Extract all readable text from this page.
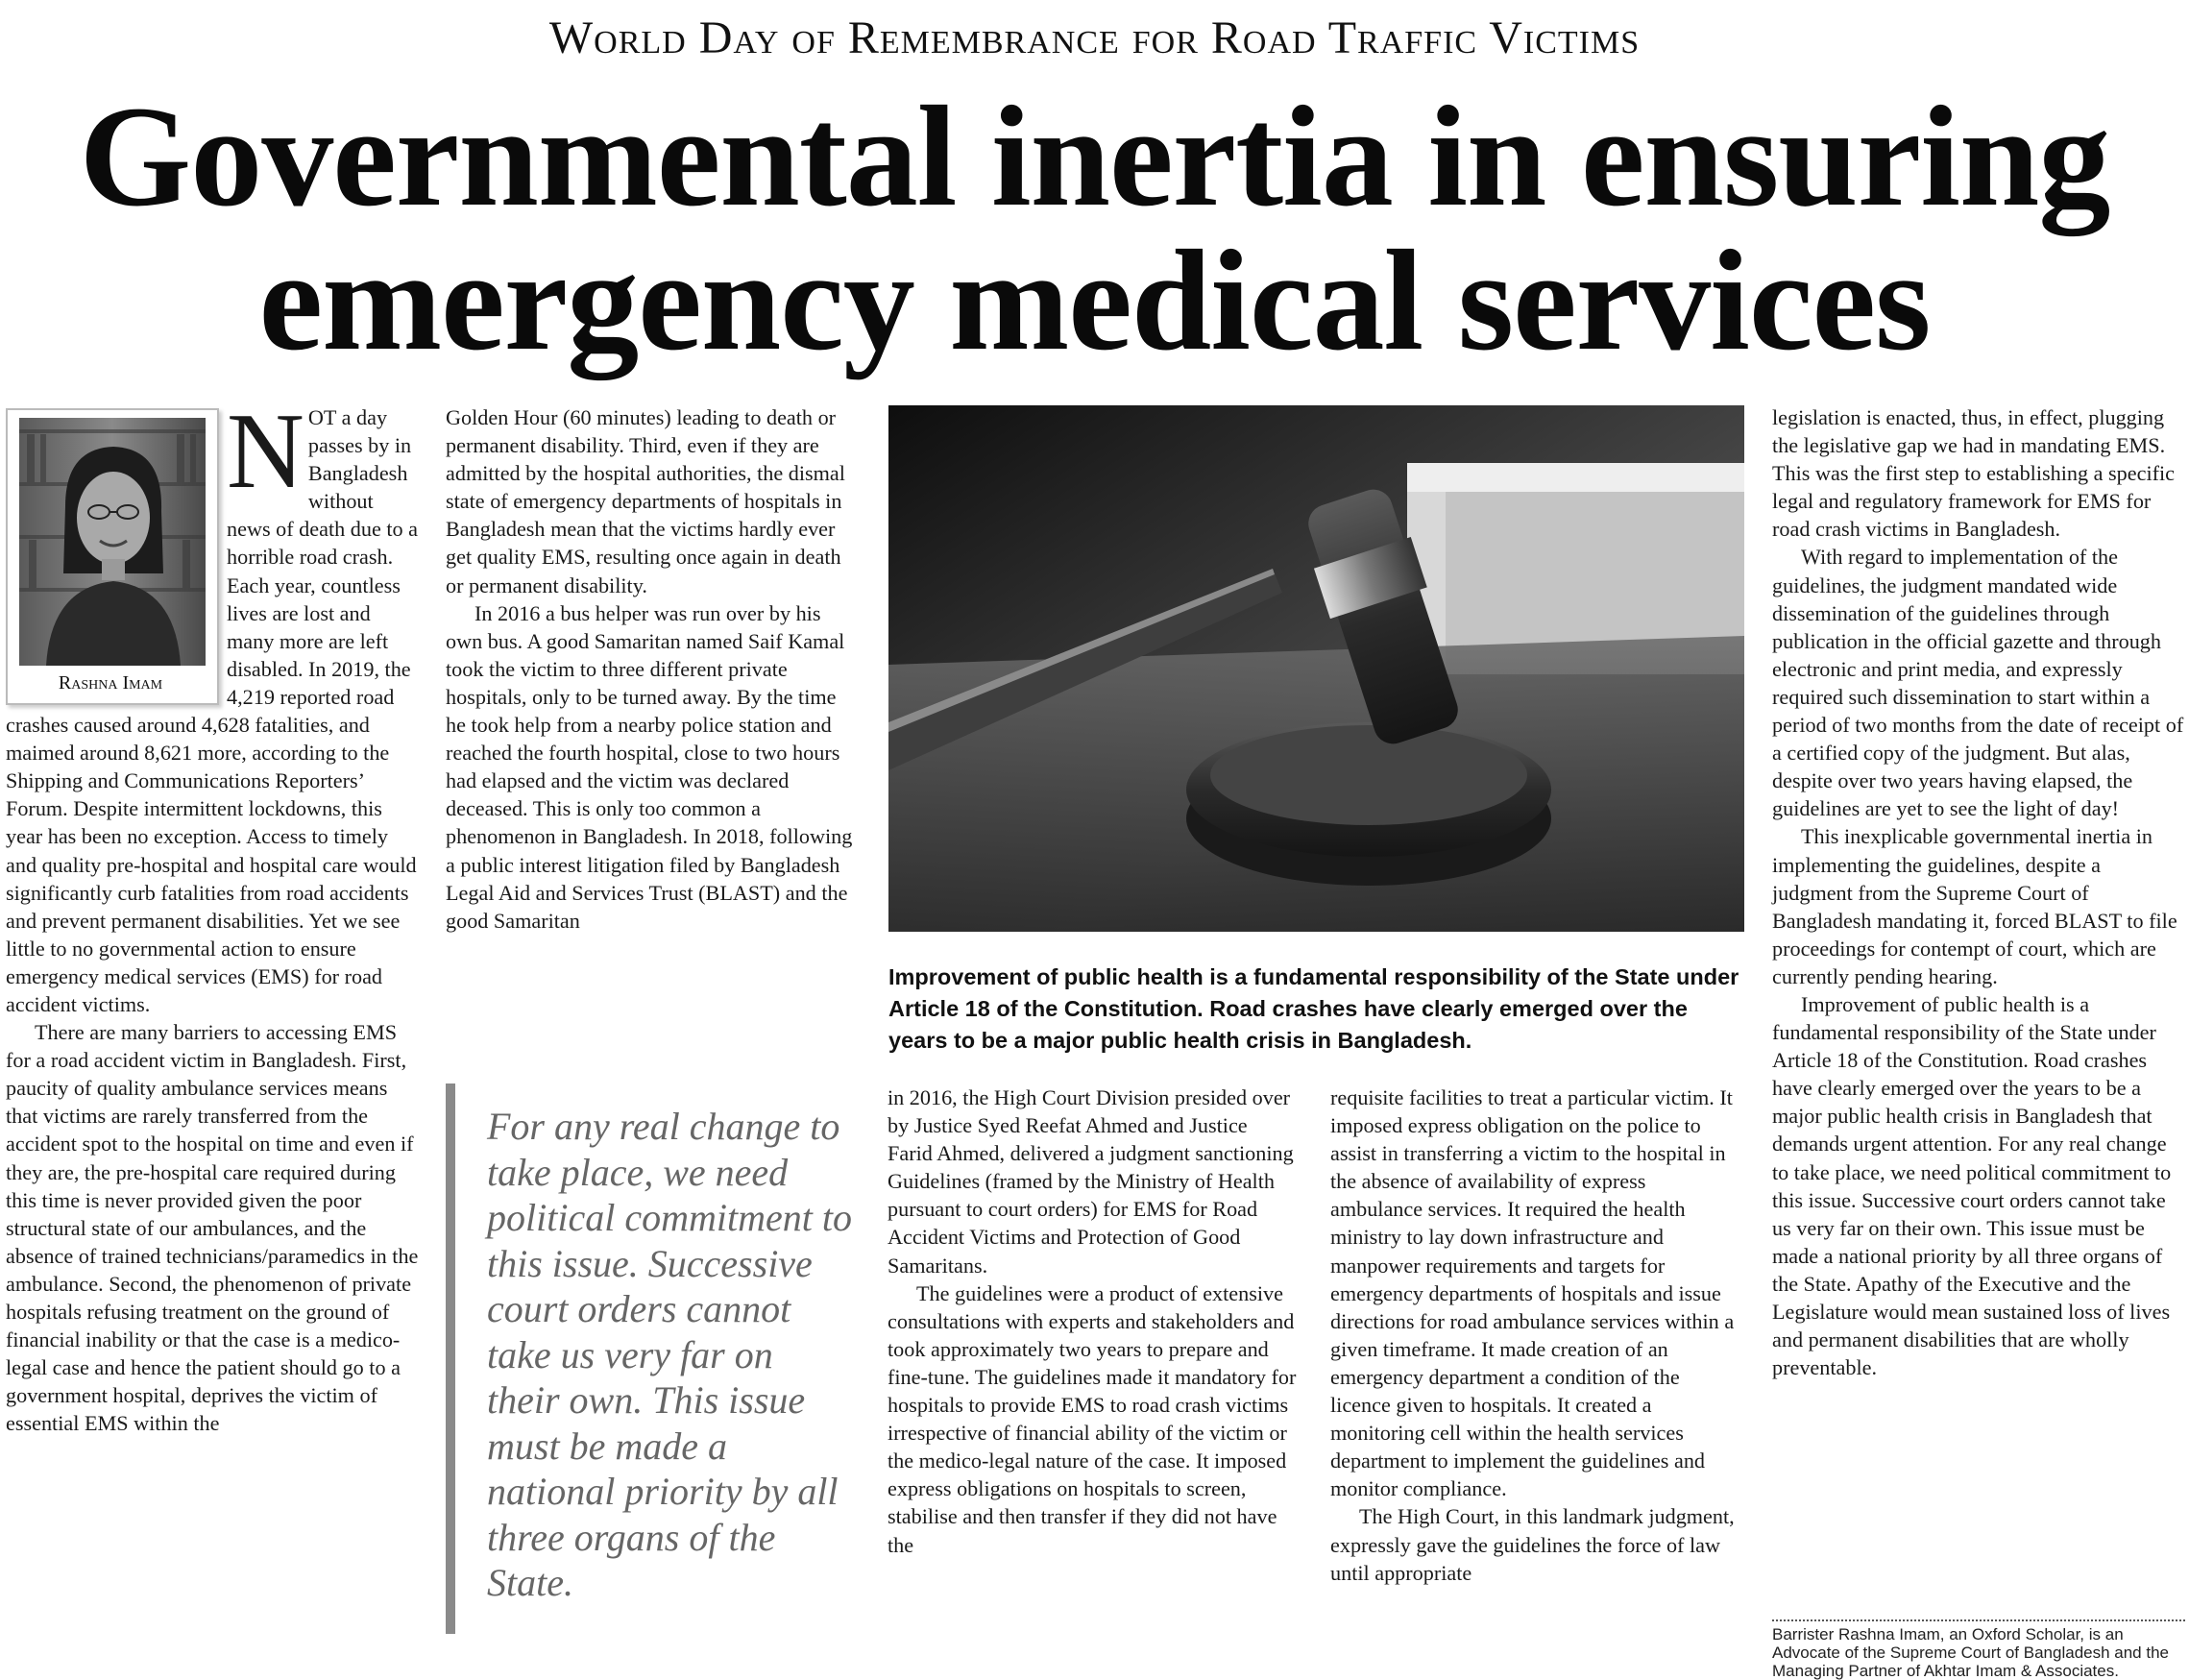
World Day of Remembrance for Road Traffic Victims
Governmental inertia in ensuring
emergency medical services
Rashna Imam

NOT a day passes by in Bangladesh without news of death due to a horrible road crash. Each year, countless lives are lost and many more are left disabled. In 2019, the 4,219 reported road crashes caused around 4,628 fatalities, and maimed around 8,621 more, according to the Shipping and Communications Reporters’ Forum. Despite intermittent lockdowns, this year has been no exception. Access to timely and quality pre-hospital and hospital care would significantly curb fatalities from road accidents and prevent permanent disabilities. Yet we see little to no governmental action to ensure emergency medical services (EMS) for road accident victims.

There are many barriers to accessing EMS for a road accident victim in Bangladesh. First, paucity of quality ambulance services means that victims are rarely transferred from the accident spot to the hospital on time and even if they are, the pre-hospital care required during this time is never provided given the poor structural state of our ambulances, and the absence of trained technicians/paramedics in the ambulance. Second, the phenomenon of private hospitals refusing treatment on the ground of financial inability or that the case is a medico-legal case and hence the patient should go to a government hospital, deprives the victim of essential EMS within the

Golden Hour (60 minutes) leading to death or permanent disability. Third, even if they are admitted by the hospital authorities, the dismal state of emergency departments of hospitals in Bangladesh mean that the victims hardly ever get quality EMS, resulting once again in death or permanent disability.

In 2016 a bus helper was run over by his own bus. A good Samaritan named Saif Kamal took the victim to three different private hospitals, only to be turned away. By the time he took help from a nearby police station and reached the fourth hospital, close to two hours had elapsed and the victim was declared deceased. This is only too common a phenomenon in Bangladesh. In 2018, following a public interest litigation filed by Bangladesh Legal Aid and Services Trust (BLAST) and the good Samaritan

For any real change to take place, we need political commitment to this issue. Successive court orders cannot take us very far on their own. This issue must be made a national priority by all three organs of the State.
Improvement of public health is a fundamental responsibility of the State under Article 18 of the Constitution. Road crashes have clearly emerged over the years to be a major public health crisis in Bangladesh.

in 2016, the High Court Division presided over by Justice Syed Reefat Ahmed and Justice Farid Ahmed, delivered a judgment sanctioning Guidelines (framed by the Ministry of Health pursuant to court orders) for EMS for Road Accident Victims and Protection of Good Samaritans.

The guidelines were a product of extensive consultations with experts and stakeholders and took approximately two years to prepare and fine-tune. The guidelines made it mandatory for hospitals to provide EMS to road crash victims irrespective of financial ability of the victim or the medico-legal nature of the case. It imposed express obligations on hospitals to screen, stabilise and then transfer if they did not have the

requisite facilities to treat a particular victim. It imposed express obligation on the police to assist in transferring a victim to the hospital in the absence of availability of express ambulance services. It required the health ministry to lay down infrastructure and manpower requirements and targets for emergency departments of hospitals and issue directions for road ambulance services within a given timeframe. It made creation of an emergency department a condition of the licence given to hospitals. It created a monitoring cell within the health services department to implement the guidelines and monitor compliance.

The High Court, in this landmark judgment, expressly gave the guidelines the force of law until appropriate

legislation is enacted, thus, in effect, plugging the legislative gap we had in mandating EMS. This was the first step to establishing a specific legal and regulatory framework for EMS for road crash victims in Bangladesh.

With regard to implementation of the guidelines, the judgment mandated wide dissemination of the guidelines through publication in the official gazette and through electronic and print media, and expressly required such dissemination to start within a period of two months from the date of receipt of a certified copy of the judgment. But alas, despite over two years having elapsed, the guidelines are yet to see the light of day!

This inexplicable governmental inertia in implementing the guidelines, despite a judgment from the Supreme Court of Bangladesh mandating it, forced BLAST to file proceedings for contempt of court, which are currently pending hearing.

Improvement of public health is a fundamental responsibility of the State under Article 18 of the Constitution. Road crashes have clearly emerged over the years to be a major public health crisis in Bangladesh that demands urgent attention. For any real change to take place, we need political commitment to this issue. Successive court orders cannot take us very far on their own. This issue must be made a national priority by all three organs of the State. Apathy of the Executive and the Legislature would mean sustained loss of lives and permanent disabilities that are wholly preventable.

Barrister Rashna Imam, an Oxford Scholar, is an Advocate of the Supreme Court of Bangladesh and the Managing Partner of Akhtar Imam & Associates.
